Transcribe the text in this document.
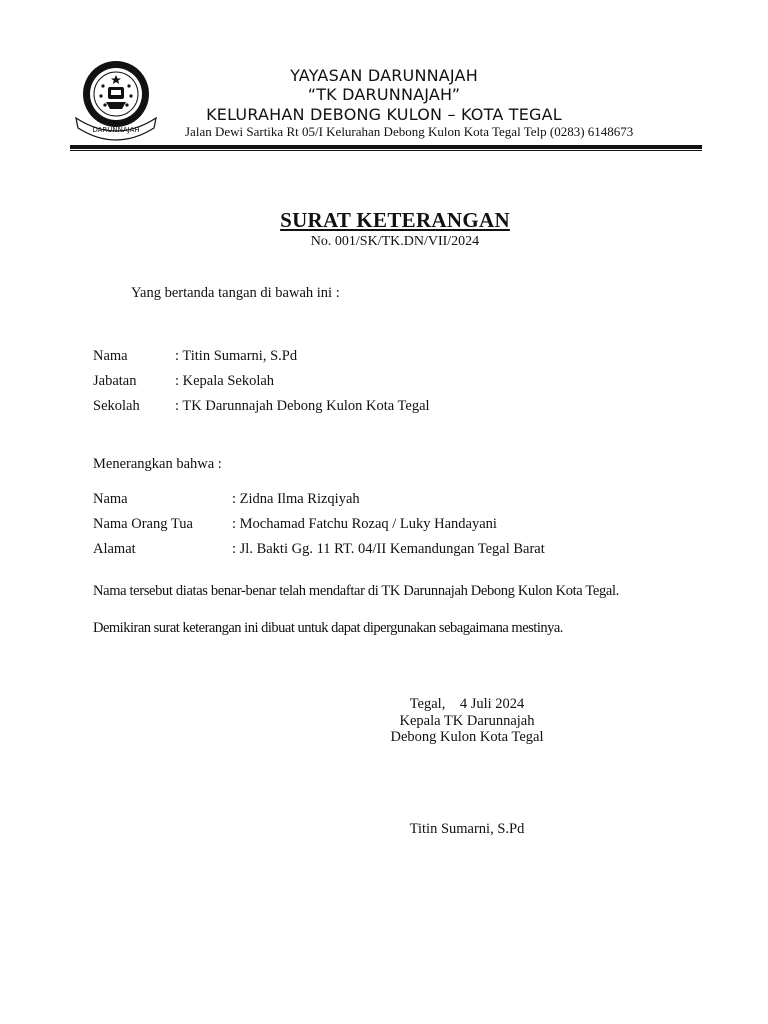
DARUNNAJAH
YAYASAN DARUNNAJAH
“TK DARUNNAJAH”
KELURAHAN DEBONG KULON – KOTA TEGAL
Jalan Dewi Sartika Rt 05/I Kelurahan Debong Kulon Kota Tegal Telp (0283) 6148673
SURAT KETERANGAN
No. 001/SK/TK.DN/VII/2024
Yang bertanda tangan di bawah ini :
Nama	: Titin Sumarni, S.Pd
Jabatan	: Kepala Sekolah
Sekolah : TK Darunnajah Debong Kulon Kota Tegal
Menerangkan bahwa :
Nama	: Zidna Ilma Rizqiyah
Nama Orang Tua	: Mochamad Fatchu Rozaq / Luky Handayani
Alamat	: Jl. Bakti Gg. 11 RT. 04/II Kemandungan Tegal Barat
Nama tersebut diatas benar-benar telah mendaftar di TK Darunnajah Debong Kulon Kota Tegal.
Demikiran surat keterangan ini dibuat untuk dapat dipergunakan sebagaimana mestinya.
Tegal,    4 Juli 2024
Kepala TK Darunnajah
Debong Kulon Kota Tegal
Titin Sumarni, S.Pd
